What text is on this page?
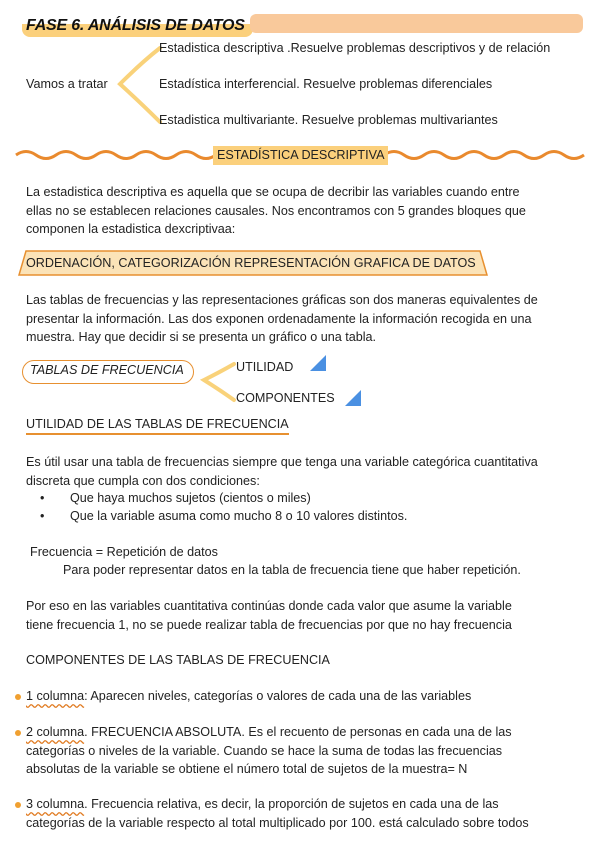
FASE 6. ANÁLISIS DE DATOS
Vamos a tratar
Estadistica descriptiva .Resuelve problemas descriptivos y de relación
Estadística interferencial. Resuelve problemas diferenciales
Estadistica multivariante. Resuelve problemas multivariantes
ESTADÍSTICA DESCRIPTIVA
La estadistica descriptiva es aquella que se ocupa de decribir las variables cuando entre
ellas no se establecen relaciones causales. Nos encontramos con 5 grandes bloques que
componen la estadistica dexcriptivaa:
ORDENACIÓN, CATEGORIZACIÓN REPRESENTACIÓN GRAFICA DE DATOS
Las tablas de frecuencias y las representaciones gráficas son dos maneras equivalentes de
presentar la información. Las dos exponen ordenadamente la información recogida en una
muestra. Hay que decidir si se presenta un gráfico o una tabla.
TABLAS DE FRECUENCIA	UTILIDAD
COMPONENTES
UTILIDAD DE LAS TABLAS DE FRECUENCIA
Es útil usar una tabla de frecuencias siempre que tenga una variable categórica cuantitativa
discreta que cumpla con dos condiciones:
• Que haya muchos sujetos (cientos o miles)
• Que la variable asuma como mucho 8 o 10 valores distintos.
Frecuencia = Repetición de datos
Para poder representar datos en la tabla de frecuencia tiene que haber repetición.
Por eso en las variables cuantitativa continúas donde cada valor que asume la variable
tiene frecuencia 1, no se puede realizar tabla de frecuencias por que no hay frecuencia
COMPONENTES DE LAS TABLAS DE FRECUENCIA
1 columna: Aparecen niveles, categorías o valores de cada una de las variables
2 columna. FRECUENCIA ABSOLUTA. Es el recuento de personas en cada una de las
categorías o niveles de la variable. Cuando se hace la suma de todas las frecuencias
absolutas de la variable se obtiene el número total de sujetos de la muestra= N
3 columna. Frecuencia relativa, es decir, la proporción de sujetos en cada una de las
categorías de la variable respecto al total multiplicado por 100. está calculado sobre todos
